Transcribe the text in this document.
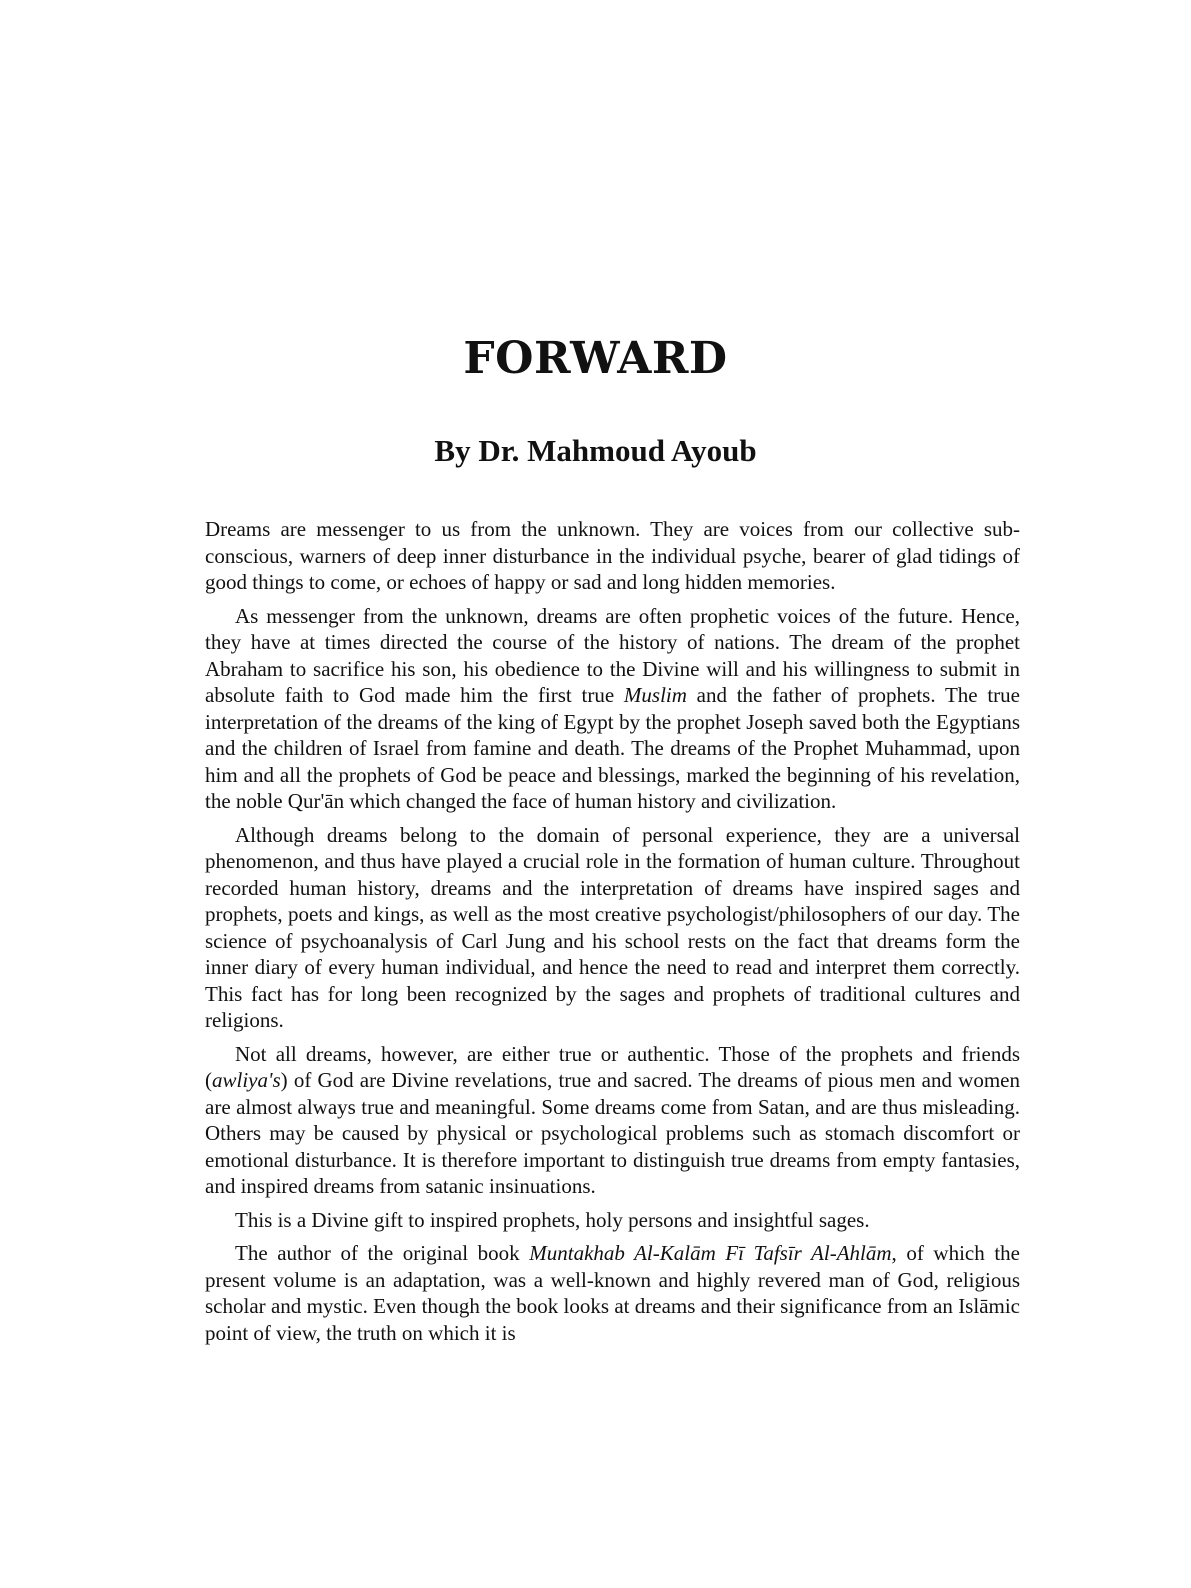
FORWARD
By Dr. Mahmoud Ayoub

Dreams are messenger to us from the unknown. They are voices from our collective sub-conscious, warners of deep inner disturbance in the individual psyche, bearer of glad tidings of good things to come, or echoes of happy or sad and long hidden memories.

As messenger from the unknown, dreams are often prophetic voices of the future. Hence, they have at times directed the course of the history of nations. The dream of the prophet Abraham to sacrifice his son, his obedience to the Divine will and his willingness to submit in absolute faith to God made him the first true Muslim and the father of prophets. The true interpretation of the dreams of the king of Egypt by the prophet Joseph saved both the Egyptians and the children of Israel from famine and death. The dreams of the Prophet Muhammad, upon him and all the prophets of God be peace and blessings, marked the beginning of his revelation, the noble Qur'ān which changed the face of human history and civilization.

Although dreams belong to the domain of personal experience, they are a universal phenomenon, and thus have played a crucial role in the formation of human culture. Throughout recorded human history, dreams and the interpretation of dreams have inspired sages and prophets, poets and kings, as well as the most creative psychologist/philosophers of our day. The science of psychoanalysis of Carl Jung and his school rests on the fact that dreams form the inner diary of every human individual, and hence the need to read and interpret them correctly. This fact has for long been recognized by the sages and prophets of traditional cultures and religions.

Not all dreams, however, are either true or authentic. Those of the prophets and friends (awliya's) of God are Divine revelations, true and sacred. The dreams of pious men and women are almost always true and meaningful. Some dreams come from Satan, and are thus misleading. Others may be caused by physical or psychological problems such as stomach discomfort or emotional disturbance. It is therefore important to distinguish true dreams from empty fantasies, and inspired dreams from satanic insinuations.

This is a Divine gift to inspired prophets, holy persons and insightful sages.

The author of the original book Muntakhab Al-Kalām Fī Tafsīr Al-Ahlām, of which the present volume is an adaptation, was a well-known and highly revered man of God, religious scholar and mystic. Even though the book looks at dreams and their significance from an Islāmic point of view, the truth on which it is
